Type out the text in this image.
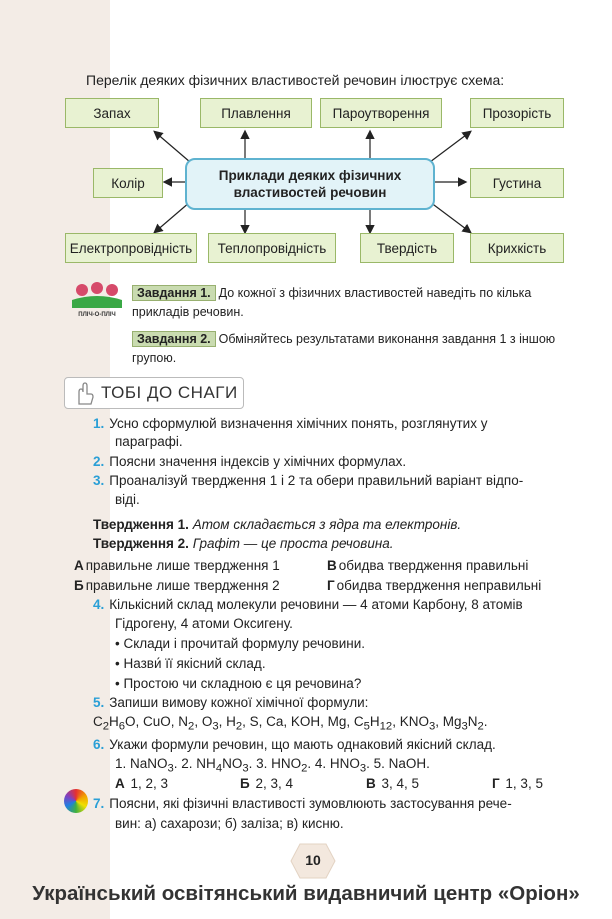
Перелік деяких фізичних властивостей речовин ілюструє схема:
Запах	Плавлення	Пароутворення	Прозорість
Колір	Приклади деяких фізичних
властивостей речовин
Густина
Електропровідність	Теплопровідність	Твердість	Крихкість
ПЛІЧ-О-ПЛІЧ
Завдання 1. До кожної з фізичних властивостей наведіть по кілька прикладів речовин.
Завдання 2. Обміняйтесь результатами виконання завдання 1 з іншою групою.
ТОБІ ДО СНАГИ
1. Усно сформулюй визначення хімічних понять, розглянутих у
параграфі.
2. Поясни значення індексів у хімічних формулах.
3. Проаналізуй твердження 1 і 2 та обери правильний варіант відпо-
віді.
Твердження 1. Атом складається з ядра та електронів.
Твердження 2. Графіт — це проста речовина.
А правильне лише твердження 1	В обидва твердження правильні
Б правильне лише твердження 2	Г обидва твердження неправильні
4. Кількісний склад молекули речовини — 4 атоми Карбону, 8 атомів
Гідрогену, 4 атоми Оксигену.
• Склади і прочитай формулу речовини.
• Назви́ її якісний склад.
• Простою чи складною є ця речовина?
5. Запиши вимову кожної хімічної формули:
$C_2H_6O$, CuO, $N_2$, $O_3$, $H_2$, S, Ca, KOH, Mg, $C_5H_{12}$, $KNO_3$, $Mg_3N_2$.
6. Укажи формули речовин, що мають однаковий якісний склад.
1. NaNO$_3$. 2. $NH_4NO_3$. 3. $HNO_2$. 4. $HNO_3$. 5. NaOH.
А 1, 2, 3	Б 2, 3, 4	В 3, 4, 5	Г 1, 3, 5
7. Поясни, які фізичні властивості зумовлюють застосування рече-
вин: а) сахарози; б) заліза; в) кисню.
10
Український освітянський видавничий центр «Оріон»
